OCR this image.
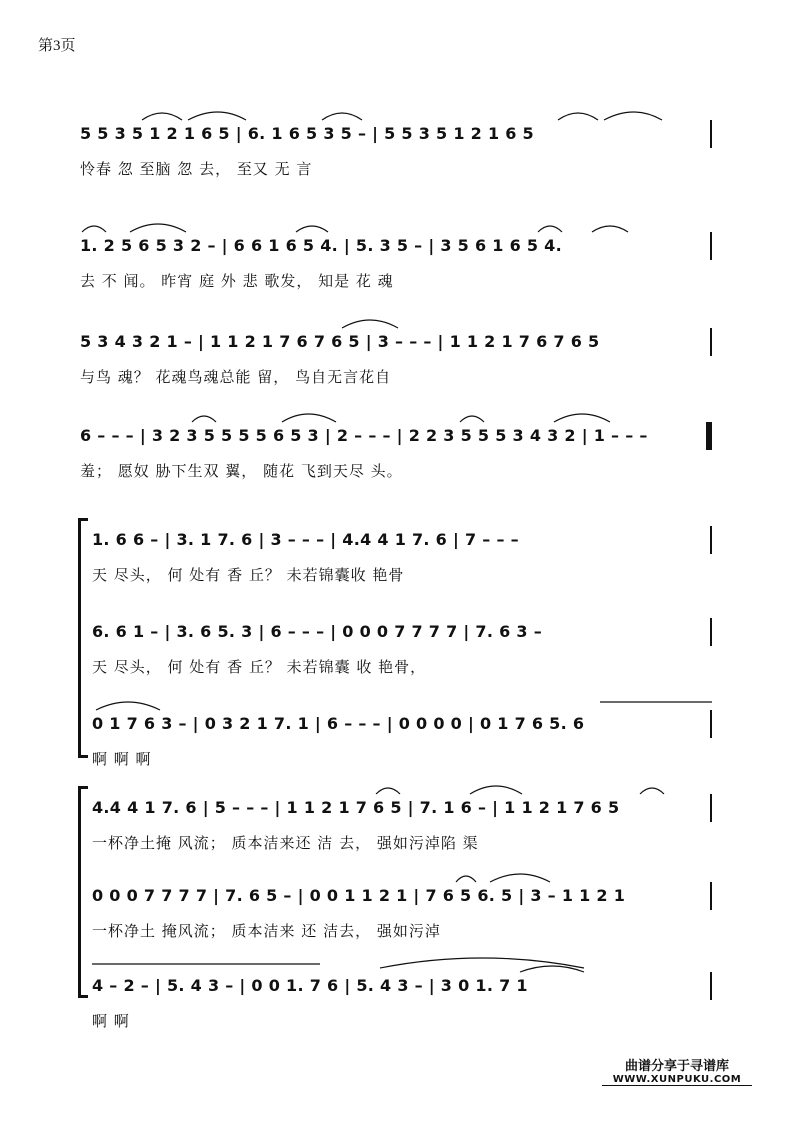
第3页
5 5 3 5 1 2 1 6 5 | 6. 1 6 5 3 5 – | 5 5 3 5 1 2 1 6 5
怜春 忽 至脑 忽 去， 至又 无 言
1. 2 5 6 5 3 2 – | 6 6 1 6 5 4. | 5. 3 5 – | 3 5 6 1 6 5 4.
去 不 闻。 昨宵 庭 外 悲 歌发， 知是 花 魂
5 3 4 3 2 1 – | 1 1 2 1 7 6 7 6 5 | 3 – – – | 1 1 2 1 7 6 7 6 5
与鸟 魂？ 花魂鸟魂总能 留， 鸟自无言花自
6 – – – | 3 2 3 5 5 5 5 6 5 3 | 2 – – – | 2 2 3 5 5 5 3 4 3 2 | 1 – – –
羞； 愿奴 胁下生双 翼， 随花 飞到天尽 头。
1. 6 6 – | 3. 1 7. 6 | 3 – – – | 4.4 4 1 7. 6 | 7 – – –
天 尽头， 何 处有 香 丘？ 未若锦囊收 艳骨
6. 6 1 – | 3. 6 5. 3 | 6 – – – | 0 0 0 7 7 7 7 | 7. 6 3 –
天 尽头， 何 处有 香 丘？ 未若锦囊 收 艳骨，
0 1 7 6 3 – | 0 3 2 1 7. 1 | 6 – – – | 0 0 0 0 | 0 1 7 6 5. 6
啊 啊 啊
4.4 4 1 7. 6 | 5 – – – | 1 1 2 1 7 6 5 | 7. 1 6 – | 1 1 2 1 7 6 5
一杯净土掩 风流； 质本洁来还 洁 去， 强如污淖陷 渠
0 0 0 7 7 7 7 | 7. 6 5 – | 0 0 1 1 2 1 | 7 6 5 6. 5 | 3 – 1 1 2 1
一杯净土 掩风流； 质本洁来 还 洁去， 强如污淖
4 – 2 – | 5. 4 3 – | 0 0 1. 7 6 | 5. 4 3 – | 3 0 1. 7 1
啊 啊
曲谱分享于寻谱库
WWW.XUNPUKU.COM
